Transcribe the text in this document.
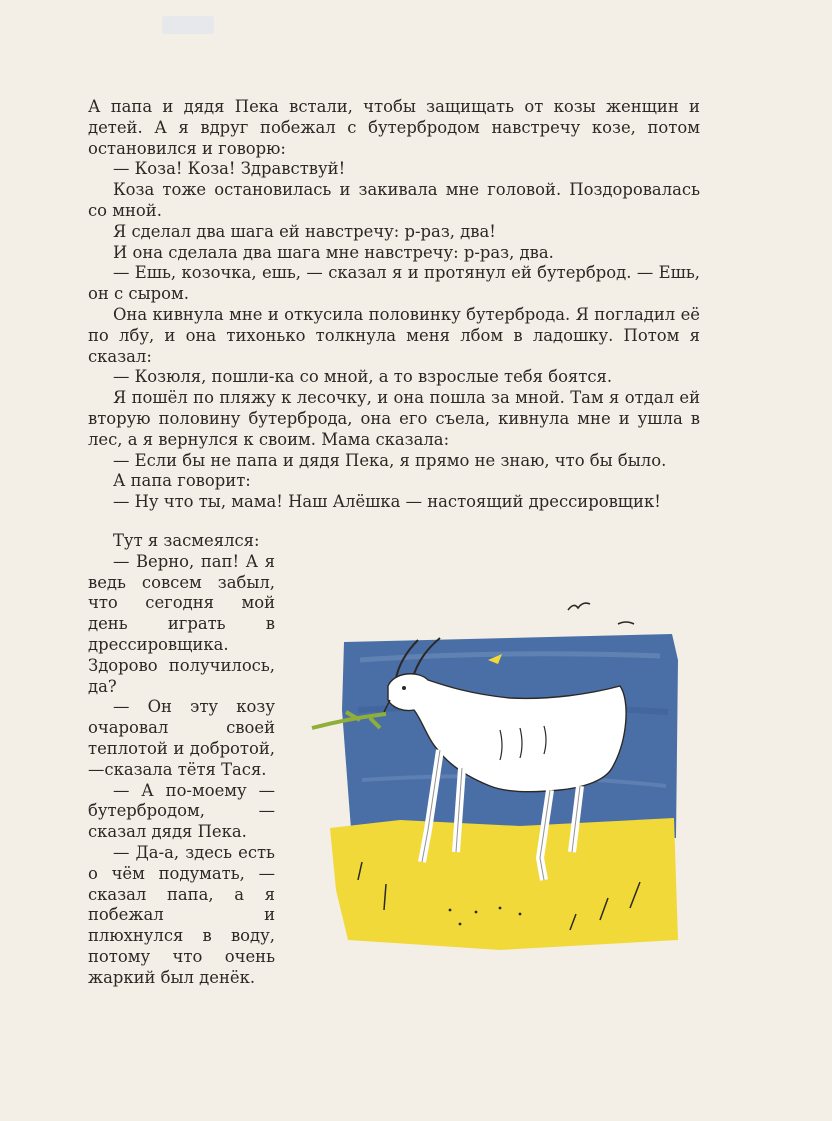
А папа и дядя Пека встали, чтобы защищать от козы женщин и детей. А я вдруг побежал с бутербродом навстречу козе, потом остановился и говорю:

— Коза! Коза! Здравствуй!

Коза тоже остановилась и закивала мне головой. Поздоровалась со мной.

Я сделал два шага ей навстречу: р-раз, два!

И она сделала два шага мне навстречу: р-раз, два.

— Ешь, козочка, ешь, — сказал я и протянул ей бутерброд. — Ешь, он с сыром.

Она кивнула мне и откусила половинку бутерброда. Я погладил её по лбу, и она тихонько толкнула меня лбом в ладошку. Потом я сказал:

— Козюля, пошли-ка со мной, а то взрослые тебя боятся.

Я пошёл по пляжу к лесочку, и она пошла за мной. Там я отдал ей вторую половину бутерброда, она его съела, кивнула мне и ушла в лес, а я вернулся к своим. Мама сказала:

— Если бы не папа и дядя Пека, я прямо не знаю, что бы было.

А папа говорит:

— Ну что ты, мама! Наш Алёшка — настоящий дрессировщик!

Тут я засмеялся:

— Верно, пап! А я ведь совсем забыл, что сегодня мой день играть в дрессировщика. Здорово получилось, да?

— Он эту козу очаровал своей теплотой и добротой,—сказала тётя Тася.

— А по-моему — бутербродом, — сказал дядя Пека.

— Да-а, здесь есть о чём подумать, — сказал папа, а я побежал и плюхнулся в воду, потому что очень жаркий был денёк.
